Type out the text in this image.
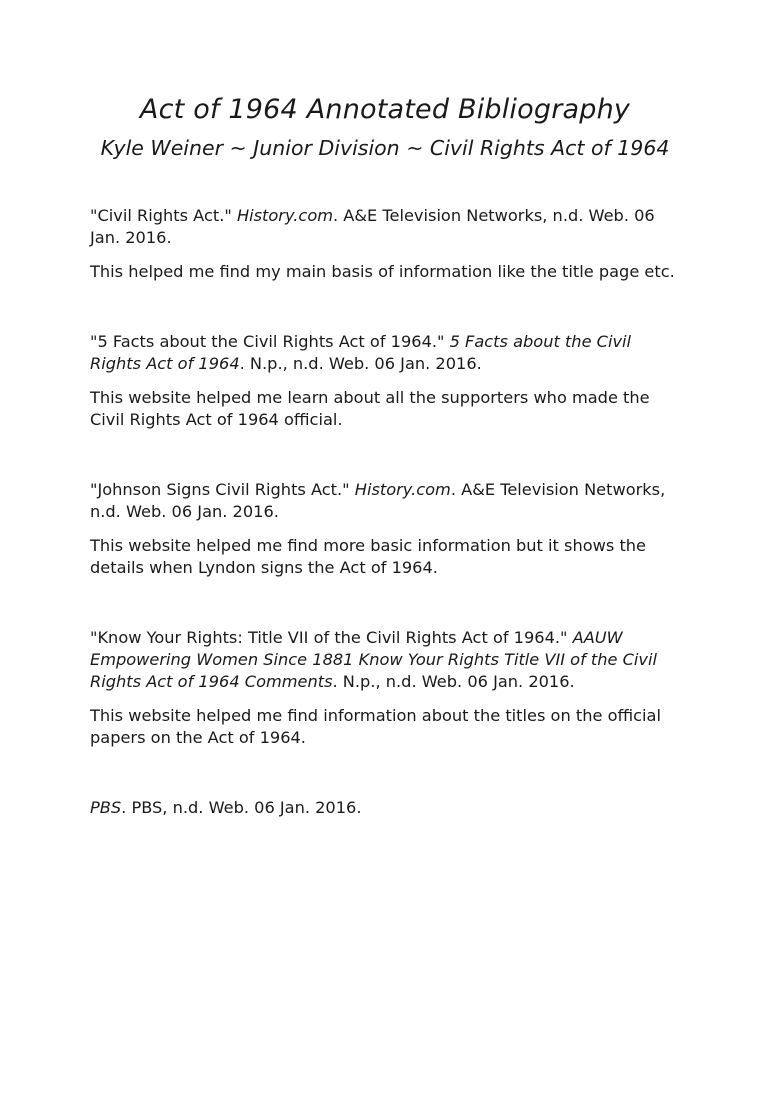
Act of 1964 Annotated Bibliography
Kyle Weiner ~ Junior Division ~ Civil Rights Act of 1964

"Civil Rights Act." History.com. A&E Television Networks, n.d. Web. 06 Jan. 2016.

This helped me find my main basis of information like the title page etc.

"5 Facts about the Civil Rights Act of 1964." 5 Facts about the Civil Rights Act of 1964. N.p., n.d. Web. 06 Jan. 2016.

This website helped me learn about all the supporters who made the Civil Rights Act of 1964 official.

"Johnson Signs Civil Rights Act." History.com. A&E Television Networks, n.d. Web. 06 Jan. 2016.

This website helped me find more basic information but it shows the details when Lyndon signs the Act of 1964.

"Know Your Rights: Title VII of the Civil Rights Act of 1964." AAUW Empowering Women Since 1881 Know Your Rights Title VII of the Civil Rights Act of 1964 Comments. N.p., n.d. Web. 06 Jan. 2016.

This website helped me find information about the titles on the official papers on the Act of 1964.

PBS. PBS, n.d. Web. 06 Jan. 2016.
